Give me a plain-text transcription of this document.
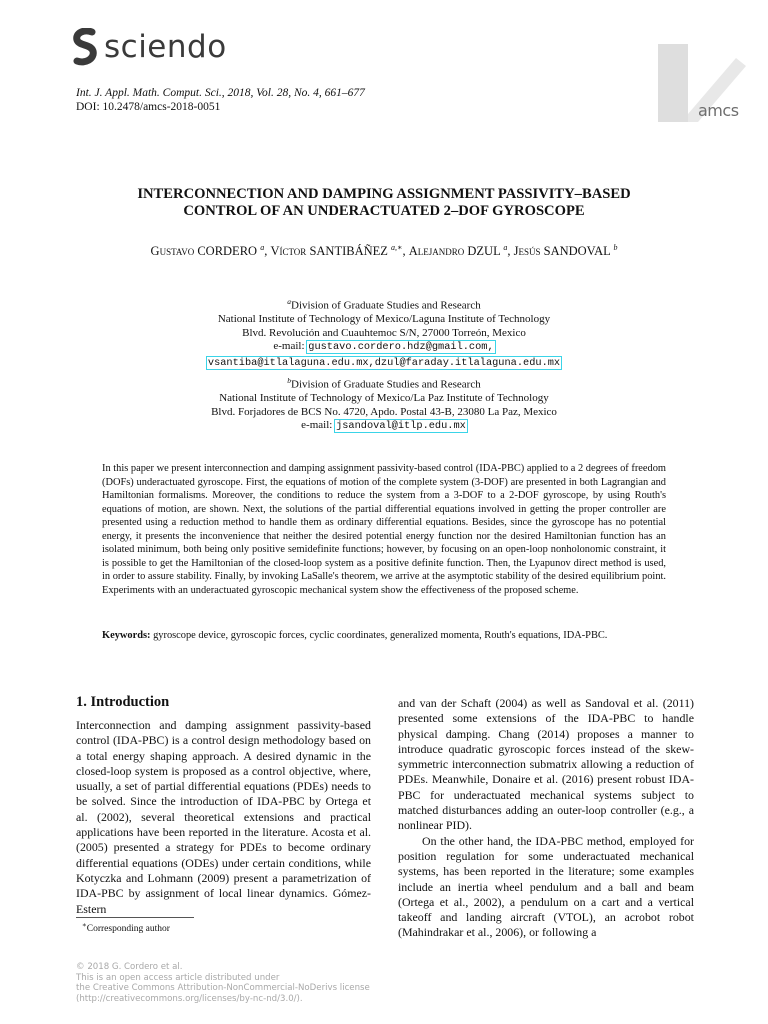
sciendo
amcs
Int. J. Appl. Math. Comput. Sci., 2018, Vol. 28, No. 4, 661–677
DOI: 10.2478/amcs-2018-0051
INTERCONNECTION AND DAMPING ASSIGNMENT PASSIVITY–BASED
CONTROL OF AN UNDERACTUATED 2–DOF GYROSCOPE
Gustavo CORDERO $^a$, Víctor SANTIBÁÑEZ $^{a,∗}$, Alejandro DZUL $^a$, Jesús SANDOVAL $^b$
$^a$Division of Graduate Studies and Research
National Institute of Technology of Mexico/Laguna Institute of Technology
Blvd. Revolución and Cuauhtemoc S/N, 27000 Torreón, Mexico
e-mail: gustavo.cordero.hdz@gmail.com,
vsantiba@itlalaguna.edu.mx,dzul@faraday.itlalaguna.edu.mx
$^b$Division of Graduate Studies and Research
National Institute of Technology of Mexico/La Paz Institute of Technology
Blvd. Forjadores de BCS No. 4720, Apdo. Postal 43-B, 23080 La Paz, Mexico
e-mail: jsandoval@itlp.edu.mx
In this paper we present interconnection and damping assignment passivity-based control (IDA-PBC) applied to a 2 degrees of freedom (DOFs) underactuated gyroscope. First, the equations of motion of the complete system (3-DOF) are presented in both Lagrangian and Hamiltonian formalisms. Moreover, the conditions to reduce the system from a 3-DOF to a 2-DOF gyroscope, by using Routh's equations of motion, are shown. Next, the solutions of the partial differential equations involved in getting the proper controller are presented using a reduction method to handle them as ordinary differential equations. Besides, since the gyroscope has no potential energy, it presents the inconvenience that neither the desired potential energy function nor the desired Hamiltonian function has an isolated minimum, both being only positive semidefinite functions; however, by focusing on an open-loop nonholonomic constraint, it is possible to get the Hamiltonian of the closed-loop system as a positive definite function. Then, the Lyapunov direct method is used, in order to assure stability. Finally, by invoking LaSalle's theorem, we arrive at the asymptotic stability of the desired equilibrium point. Experiments with an underactuated gyroscopic mechanical system show the effectiveness of the proposed scheme.
Keywords: gyroscope device, gyroscopic forces, cyclic coordinates, generalized momenta, Routh's equations, IDA-PBC.
1. Introduction

Interconnection and damping assignment passivity-based control (IDA-PBC) is a control design methodology based on a total energy shaping approach. A desired dynamic in the closed-loop system is proposed as a control objective, where, usually, a set of partial differential equations (PDEs) needs to be solved. Since the introduction of IDA-PBC by Ortega et al. (2002), several theoretical extensions and practical applications have been reported in the literature. Acosta et al. (2005) presented a strategy for PDEs to become ordinary differential equations (ODEs) under certain conditions, while Kotyczka and Lohmann (2009) present a parametrization of IDA-PBC by assignment of local linear dynamics. Gómez-Estern

and van der Schaft (2004) as well as Sandoval et al. (2011) presented some extensions of the IDA-PBC to handle physical damping. Chang (2014) proposes a manner to introduce quadratic gyroscopic forces instead of the skew-symmetric interconnection submatrix allowing a reduction of PDEs. Meanwhile, Donaire et al. (2016) present robust IDA-PBC for underactuated mechanical systems subject to matched disturbances adding an outer-loop controller (e.g., a nonlinear PID).

On the other hand, the IDA-PBC method, employed for position regulation for some underactuated mechanical systems, has been reported in the literature; some examples include an inertia wheel pendulum and a ball and beam (Ortega et al., 2002), a pendulum on a cart and a vertical takeoff and landing aircraft (VTOL), an acrobot robot (Mahindrakar et al., 2006), or following a

∗Corresponding author
© 2018 G. Cordero et al.
This is an open access article distributed under
the Creative Commons Attribution-NonCommercial-NoDerivs license
(http://creativecommons.org/licenses/by-nc-nd/3.0/).
